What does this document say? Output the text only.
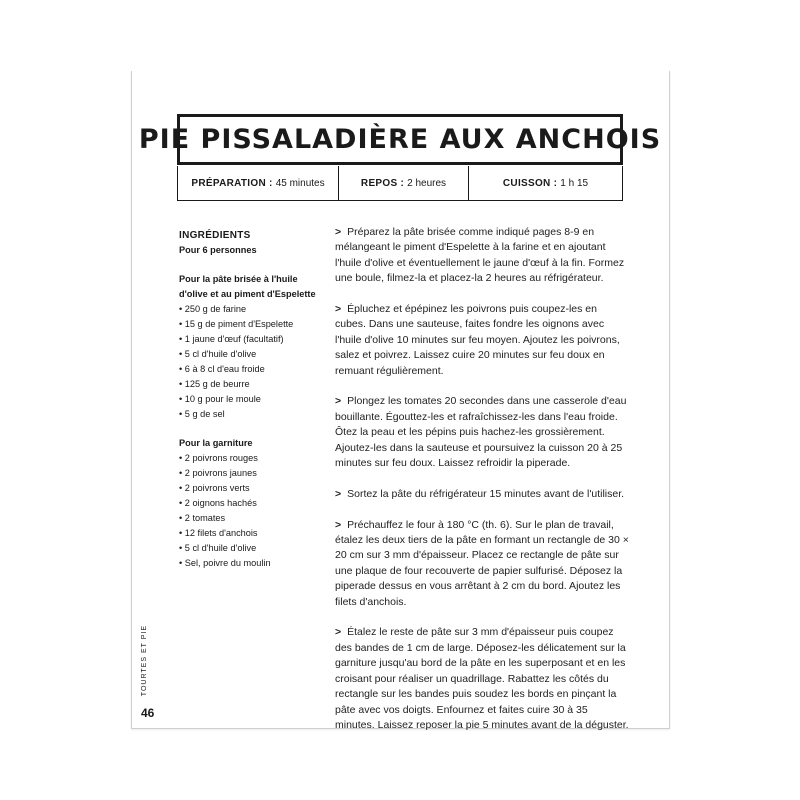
PIE PISSALADIÈRE AUX ANCHOIS
PRÉPARATION : 45 minutes	REPOS : 2 heures	CUISSON : 1 h 15
INGRÉDIENTS
Pour 6 personnes
Pour la pâte brisée à l'huile d'olive et au piment d'Espelette
• 250 g de farine
• 15 g de piment d'Espelette
• 1 jaune d'œuf (facultatif)
• 5 cl d'huile d'olive
• 6 à 8 cl d'eau froide
• 125 g de beurre
• 10 g pour le moule
• 5 g de sel
Pour la garniture
• 2 poivrons rouges
• 2 poivrons jaunes
• 2 poivrons verts
• 2 oignons hachés
• 2 tomates
• 12 filets d'anchois
• 5 cl d'huile d'olive
• Sel, poivre du moulin

> Préparez la pâte brisée comme indiqué pages 8-9 en mélangeant le piment d'Espelette à la farine et en ajoutant l'huile d'olive et éventuellement le jaune d'œuf à la fin. Formez une boule, filmez-la et placez-la 2 heures au réfrigérateur.

> Épluchez et épépinez les poivrons puis coupez-les en cubes. Dans une sauteuse, faites fondre les oignons avec l'huile d'olive 10 minutes sur feu moyen. Ajoutez les poivrons, salez et poivrez. Laissez cuire 20 minutes sur feu doux en remuant régulièrement.

> Plongez les tomates 20 secondes dans une casserole d'eau bouillante. Égouttez-les et rafraîchissez-les dans l'eau froide. Ôtez la peau et les pépins puis hachez-les grossièrement. Ajoutez-les dans la sauteuse et poursuivez la cuisson 20 à 25 minutes sur feu doux. Laissez refroidir la piperade.

> Sortez la pâte du réfrigérateur 15 minutes avant de l'utiliser.

> Préchauffez le four à 180 °C (th. 6). Sur le plan de travail, étalez les deux tiers de la pâte en formant un rectangle de 30 × 20 cm sur 3 mm d'épaisseur. Placez ce rectangle de pâte sur une plaque de four recouverte de papier sulfurisé. Déposez la piperade dessus en vous arrêtant à 2 cm du bord. Ajoutez les filets d'anchois.

> Étalez le reste de pâte sur 3 mm d'épaisseur puis coupez des bandes de 1 cm de large. Déposez-les délicatement sur la garniture jusqu'au bord de la pâte en les superposant et en les croisant pour réaliser un quadrillage. Rabattez les côtés du rectangle sur les bandes puis soudez les bords en pinçant la pâte avec vos doigts. Enfournez et faites cuire 30 à 35 minutes. Laissez reposer la pie 5 minutes avant de la déguster.

TOURTES ET PIE
46
